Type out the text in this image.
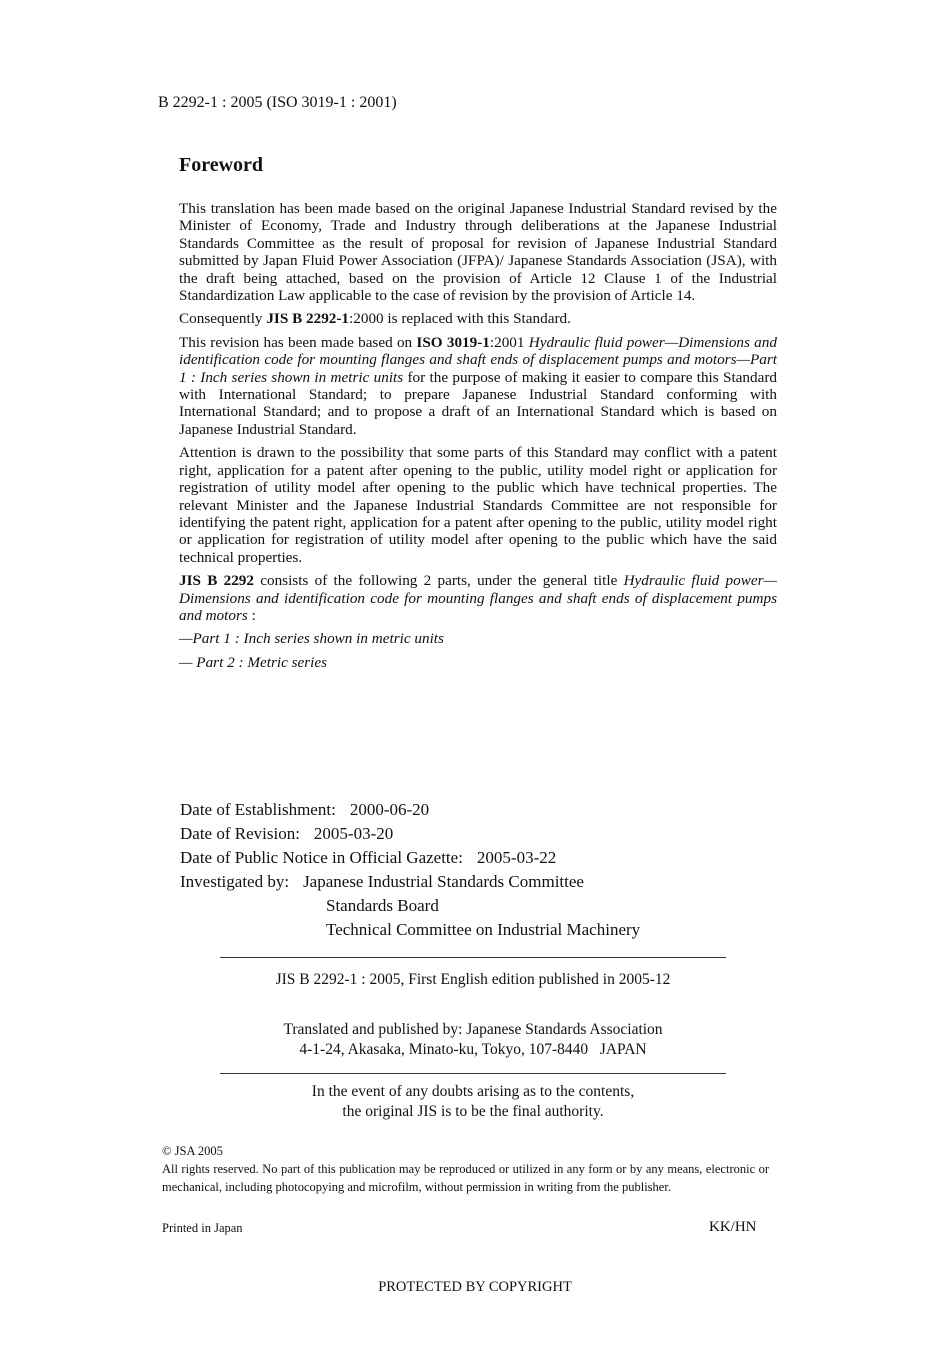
B 2292-1 : 2005 (ISO 3019-1 : 2001)
Foreword

This translation has been made based on the original Japanese Industrial Standard revised by the Minister of Economy, Trade and Industry through deliberations at the Japanese Industrial Standards Committee as the result of proposal for revision of Japanese Industrial Standard submitted by Japan Fluid Power Association (JFPA)/ Japanese Standards Association (JSA), with the draft being attached, based on the provision of Article 12 Clause 1 of the Industrial Standardization Law applicable to the case of revision by the provision of Article 14.

Consequently JIS B 2292-1:2000 is replaced with this Standard.

This revision has been made based on ISO 3019-1:2001 Hydraulic fluid power—Dimensions and identification code for mounting flanges and shaft ends of displacement pumps and motors—Part 1 : Inch series shown in metric units for the purpose of making it easier to compare this Standard with International Standard; to prepare Japanese Industrial Standard conforming with International Standard; and to propose a draft of an International Standard which is based on Japanese Industrial Standard.

Attention is drawn to the possibility that some parts of this Standard may conflict with a patent right, application for a patent after opening to the public, utility model right or application for registration of utility model after opening to the public which have technical properties. The relevant Minister and the Japanese Industrial Standards Committee are not responsible for identifying the patent right, application for a patent after opening to the public, utility model right or application for registration of utility model after opening to the public which have the said technical properties.

JIS B 2292 consists of the following 2 parts, under the general title Hydraulic fluid power—Dimensions and identification code for mounting flanges and shaft ends of displacement pumps and motors :

—Part 1 : Inch series shown in metric units

— Part 2 : Metric series

Date of Establishment: 2000-06-20
Date of Revision: 2005-03-20
Date of Public Notice in Official Gazette: 2005-03-22
Investigated by: Japanese Industrial Standards Committee
Standards Board
Technical Committee on Industrial Machinery
JIS B 2292-1 : 2005, First English edition published in 2005-12
Translated and published by: Japanese Standards Association
4-1-24, Akasaka, Minato-ku, Tokyo, 107-8440   JAPAN
In the event of any doubts arising as to the contents,
the original JIS is to be the final authority.
© JSA 2005
All rights reserved. No part of this publication may be reproduced or utilized in any form or by any means, electronic or mechanical, including photocopying and microfilm, without permission in writing from the publisher.
Printed in Japan	KK/HN
PROTECTED BY COPYRIGHT
